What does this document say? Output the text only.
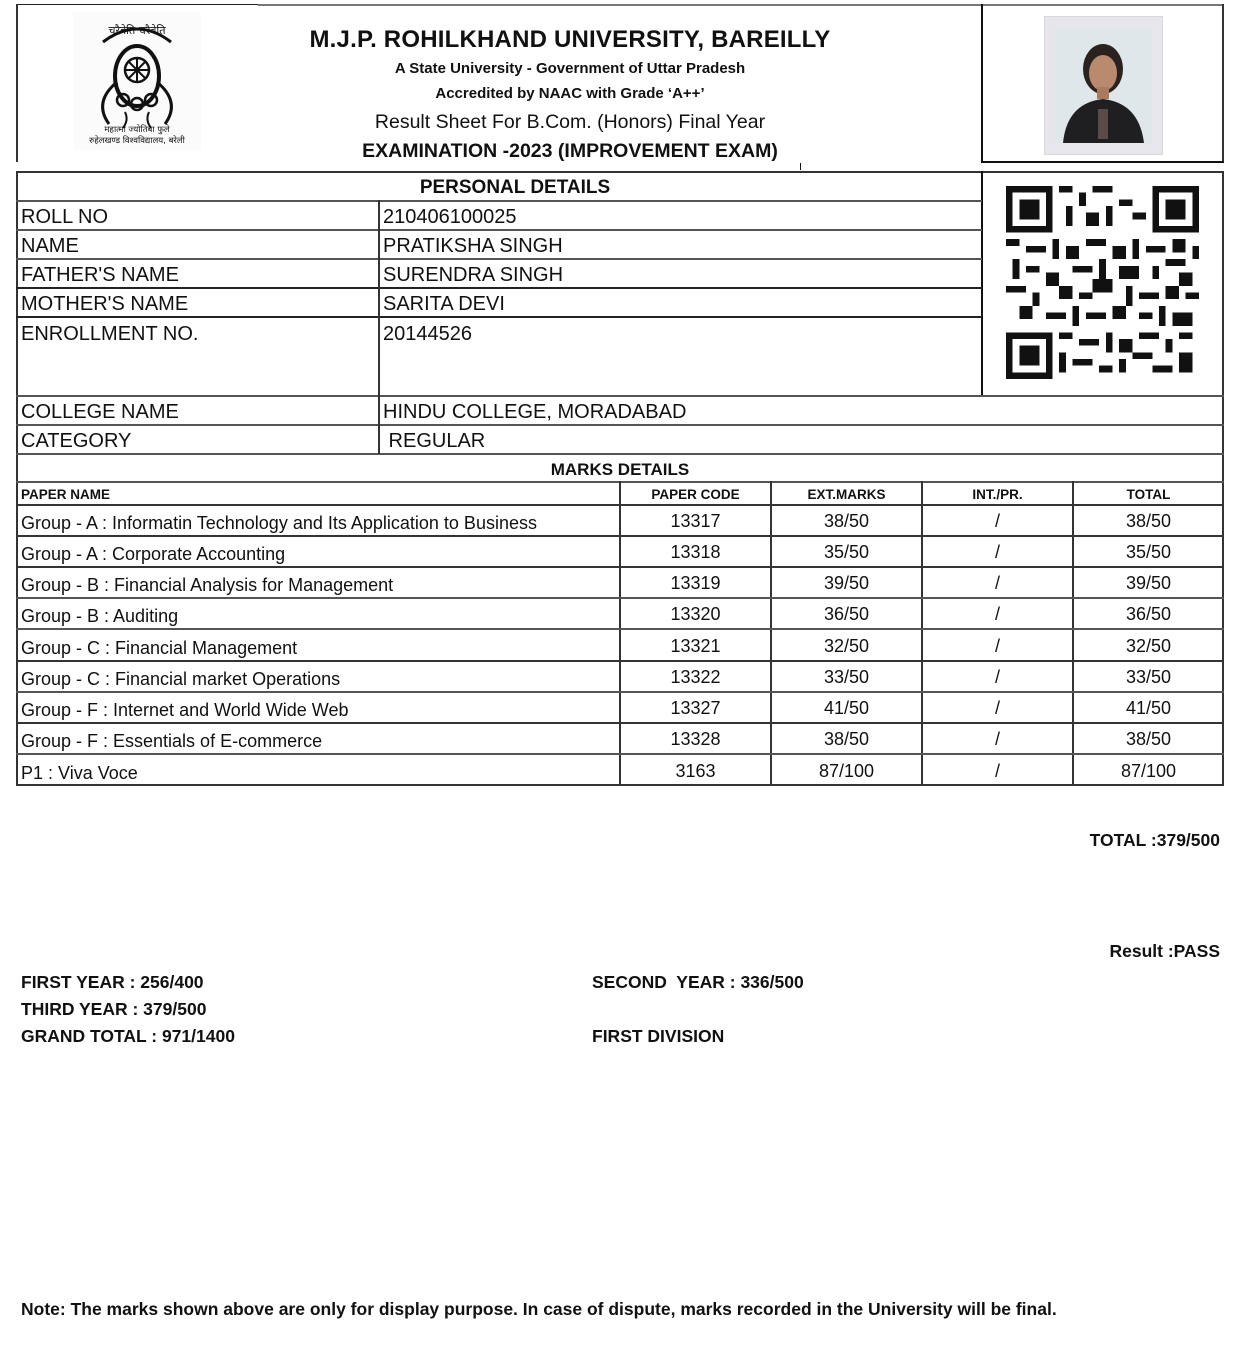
चरैवेति चरैवेति
महात्मा ज्योतिबा फुले
रुहेलखण्ड विश्वविद्यालय, बरेली
M.J.P. ROHILKHAND UNIVERSITY, BAREILLY
A State University - Government of Uttar Pradesh
Accredited by NAAC with Grade ‘A++’
Result Sheet For B.Com. (Honors) Final Year
EXAMINATION -2023 (IMPROVEMENT EXAM)
PERSONAL DETAILS
ROLL NO	210406100025
NAME	PRATIKSHA SINGH
FATHER'S NAME	SURENDRA SINGH
MOTHER'S NAME	SARITA DEVI
ENROLLMENT NO.	20144526
COLLEGE NAME	HINDU COLLEGE, MORADABAD
CATEGORY	REGULAR
MARKS DETAILS
PAPER NAME	PAPER CODE	EXT.MARKS	INT./PR.	TOTAL
Group - A : Informatin Technology and Its Application to Business	13317	38/50	/	38/50
Group - A : Corporate Accounting	13318	35/50	/	35/50
Group - B : Financial Analysis for Management	13319	39/50	/	39/50
Group - B : Auditing	13320	36/50	/	36/50
Group - C : Financial Management	13321	32/50	/	32/50
Group - C : Financial market Operations	13322	33/50	/	33/50
Group - F : Internet and World Wide Web	13327	41/50	/	41/50
Group - F : Essentials of E-commerce	13328	38/50	/	38/50
P1 : Viva Voce	3163	87/100	/	87/100
TOTAL :379/500
Result :PASS
FIRST YEAR : 256/400	SECOND  YEAR : 336/500
THIRD YEAR : 379/500
GRAND TOTAL : 971/1400	FIRST DIVISION
Note: The marks shown above are only for display purpose. In case of dispute, marks recorded in the University will be final.
